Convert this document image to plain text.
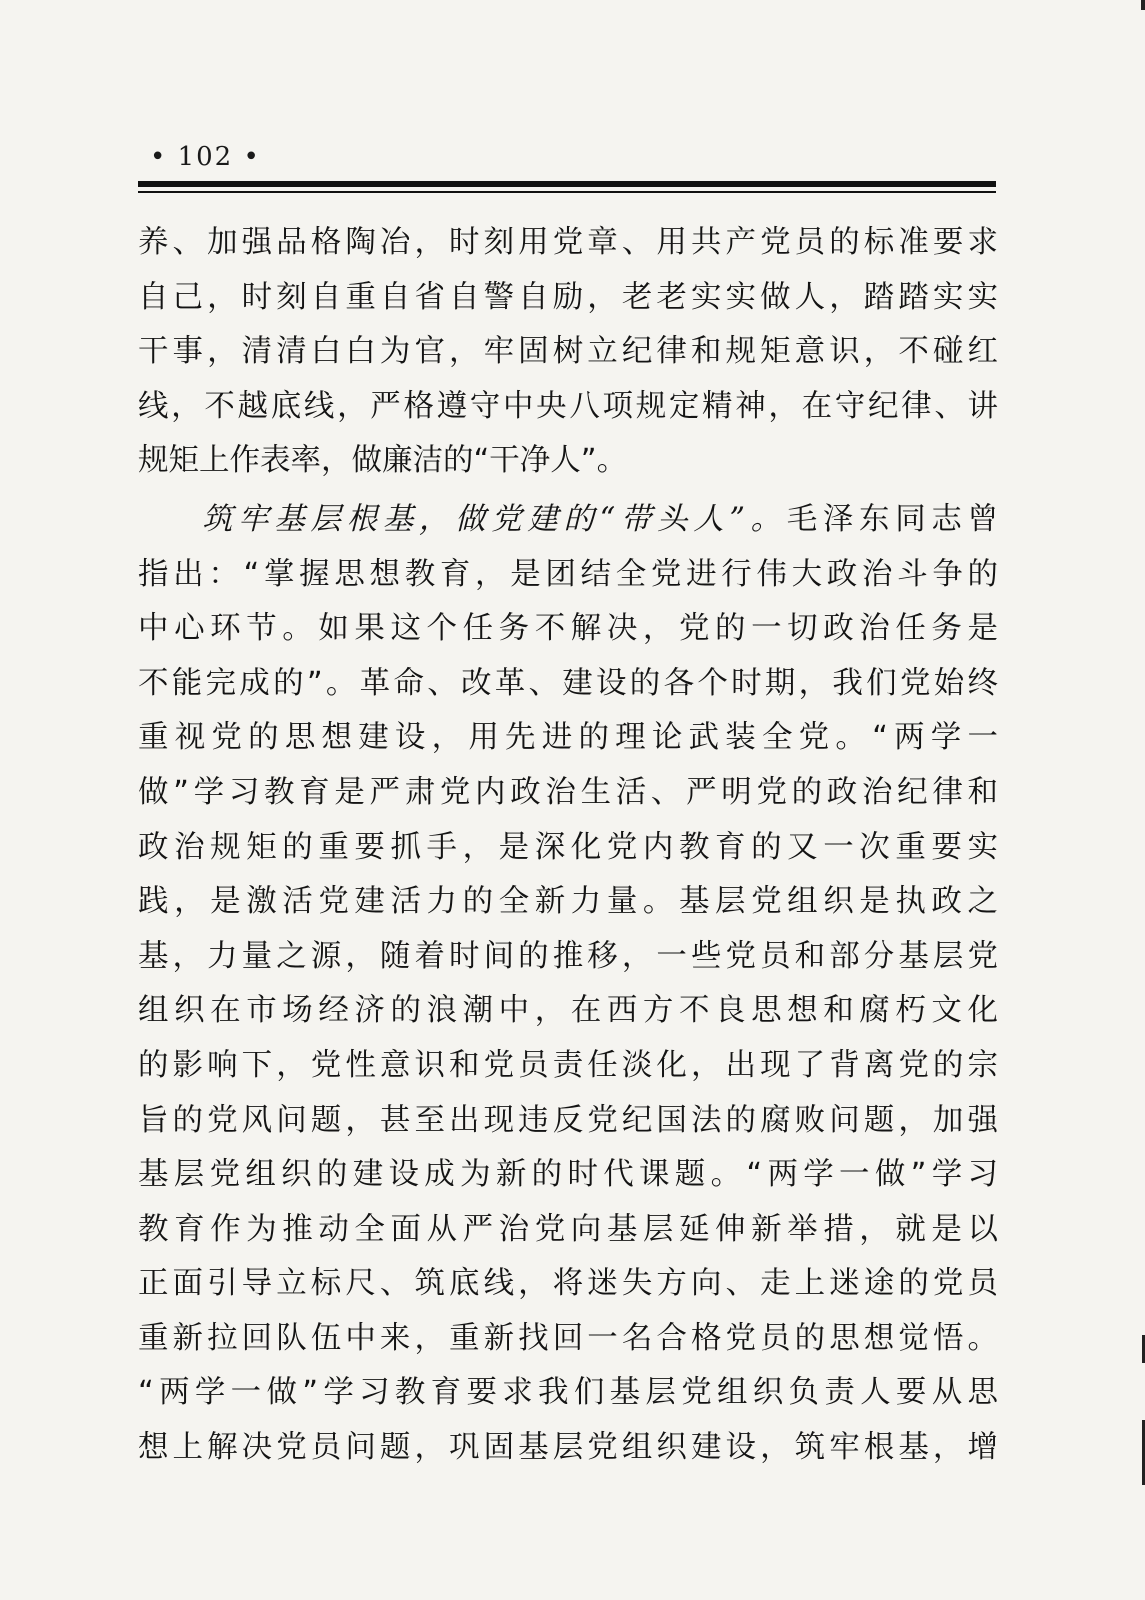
• 102 •
养、加强品格陶冶，时刻用党章、用共产党员的标准要求
自己，时刻自重自省自警自励，老老实实做人，踏踏实实
干事，清清白白为官，牢固树立纪律和规矩意识，不碰红
线，不越底线，严格遵守中央八项规定精神，在守纪律、讲
规矩上作表率，做廉洁的“干净人”。
筑牢基层根基，做党建的“带头人”。毛泽东同志曾
指出：“掌握思想教育，是团结全党进行伟大政治斗争的
中心环节。如果这个任务不解决，党的一切政治任务是
不能完成的”。革命、改革、建设的各个时期，我们党始终
重视党的思想建设，用先进的理论武装全党。“两学一
做”学习教育是严肃党内政治生活、严明党的政治纪律和
政治规矩的重要抓手，是深化党内教育的又一次重要实
践，是激活党建活力的全新力量。基层党组织是执政之
基，力量之源，随着时间的推移，一些党员和部分基层党
组织在市场经济的浪潮中，在西方不良思想和腐朽文化
的影响下，党性意识和党员责任淡化，出现了背离党的宗
旨的党风问题，甚至出现违反党纪国法的腐败问题，加强
基层党组织的建设成为新的时代课题。“两学一做”学习
教育作为推动全面从严治党向基层延伸新举措，就是以
正面引导立标尺、筑底线，将迷失方向、走上迷途的党员
重新拉回队伍中来，重新找回一名合格党员的思想觉悟。
“两学一做”学习教育要求我们基层党组织负责人要从思
想上解决党员问题，巩固基层党组织建设，筑牢根基，增
